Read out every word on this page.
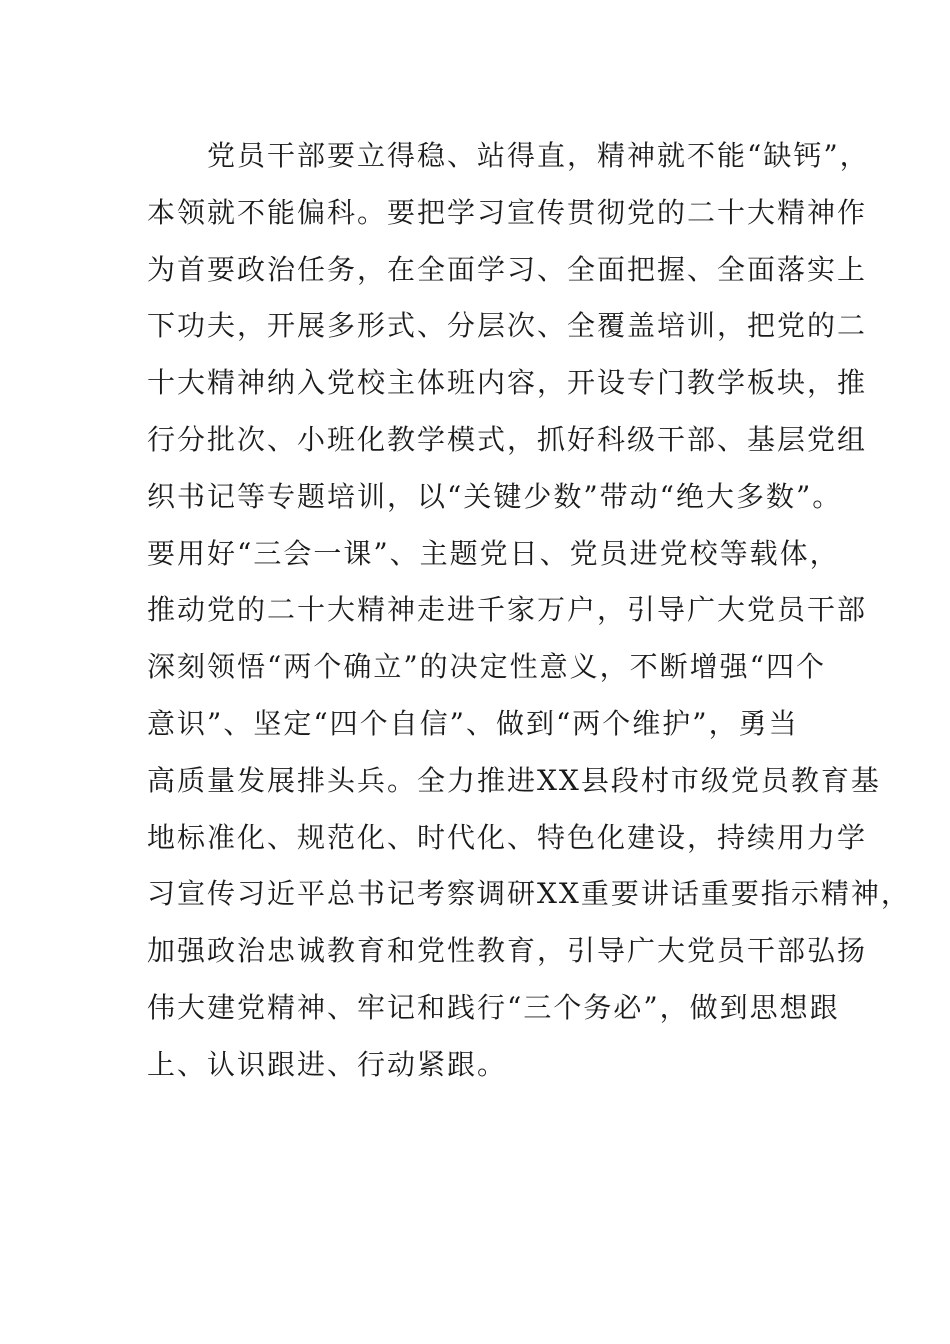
　　党员干部要立得稳、站得直，精神就不能“缺钙”，
本领就不能偏科。要把学习宣传贯彻党的二十大精神作
为首要政治任务，在全面学习、全面把握、全面落实上
下功夫，开展多形式、分层次、全覆盖培训，把党的二
十大精神纳入党校主体班内容，开设专门教学板块，推
行分批次、小班化教学模式，抓好科级干部、基层党组
织书记等专题培训，以“关键少数”带动“绝大多数”。
要用好“三会一课”、主题党日、党员进党校等载体，
推动党的二十大精神走进千家万户，引导广大党员干部
深刻领悟“两个确立”的决定性意义，不断增强“四个
意识”、坚定“四个自信”、做到“两个维护”，勇当
高质量发展排头兵。全力推进XX县段村市级党员教育基
地标准化、规范化、时代化、特色化建设，持续用力学
习宣传习近平总书记考察调研XX重要讲话重要指示精神，
加强政治忠诚教育和党性教育，引导广大党员干部弘扬
伟大建党精神、牢记和践行“三个务必”，做到思想跟
上、认识跟进、行动紧跟。
